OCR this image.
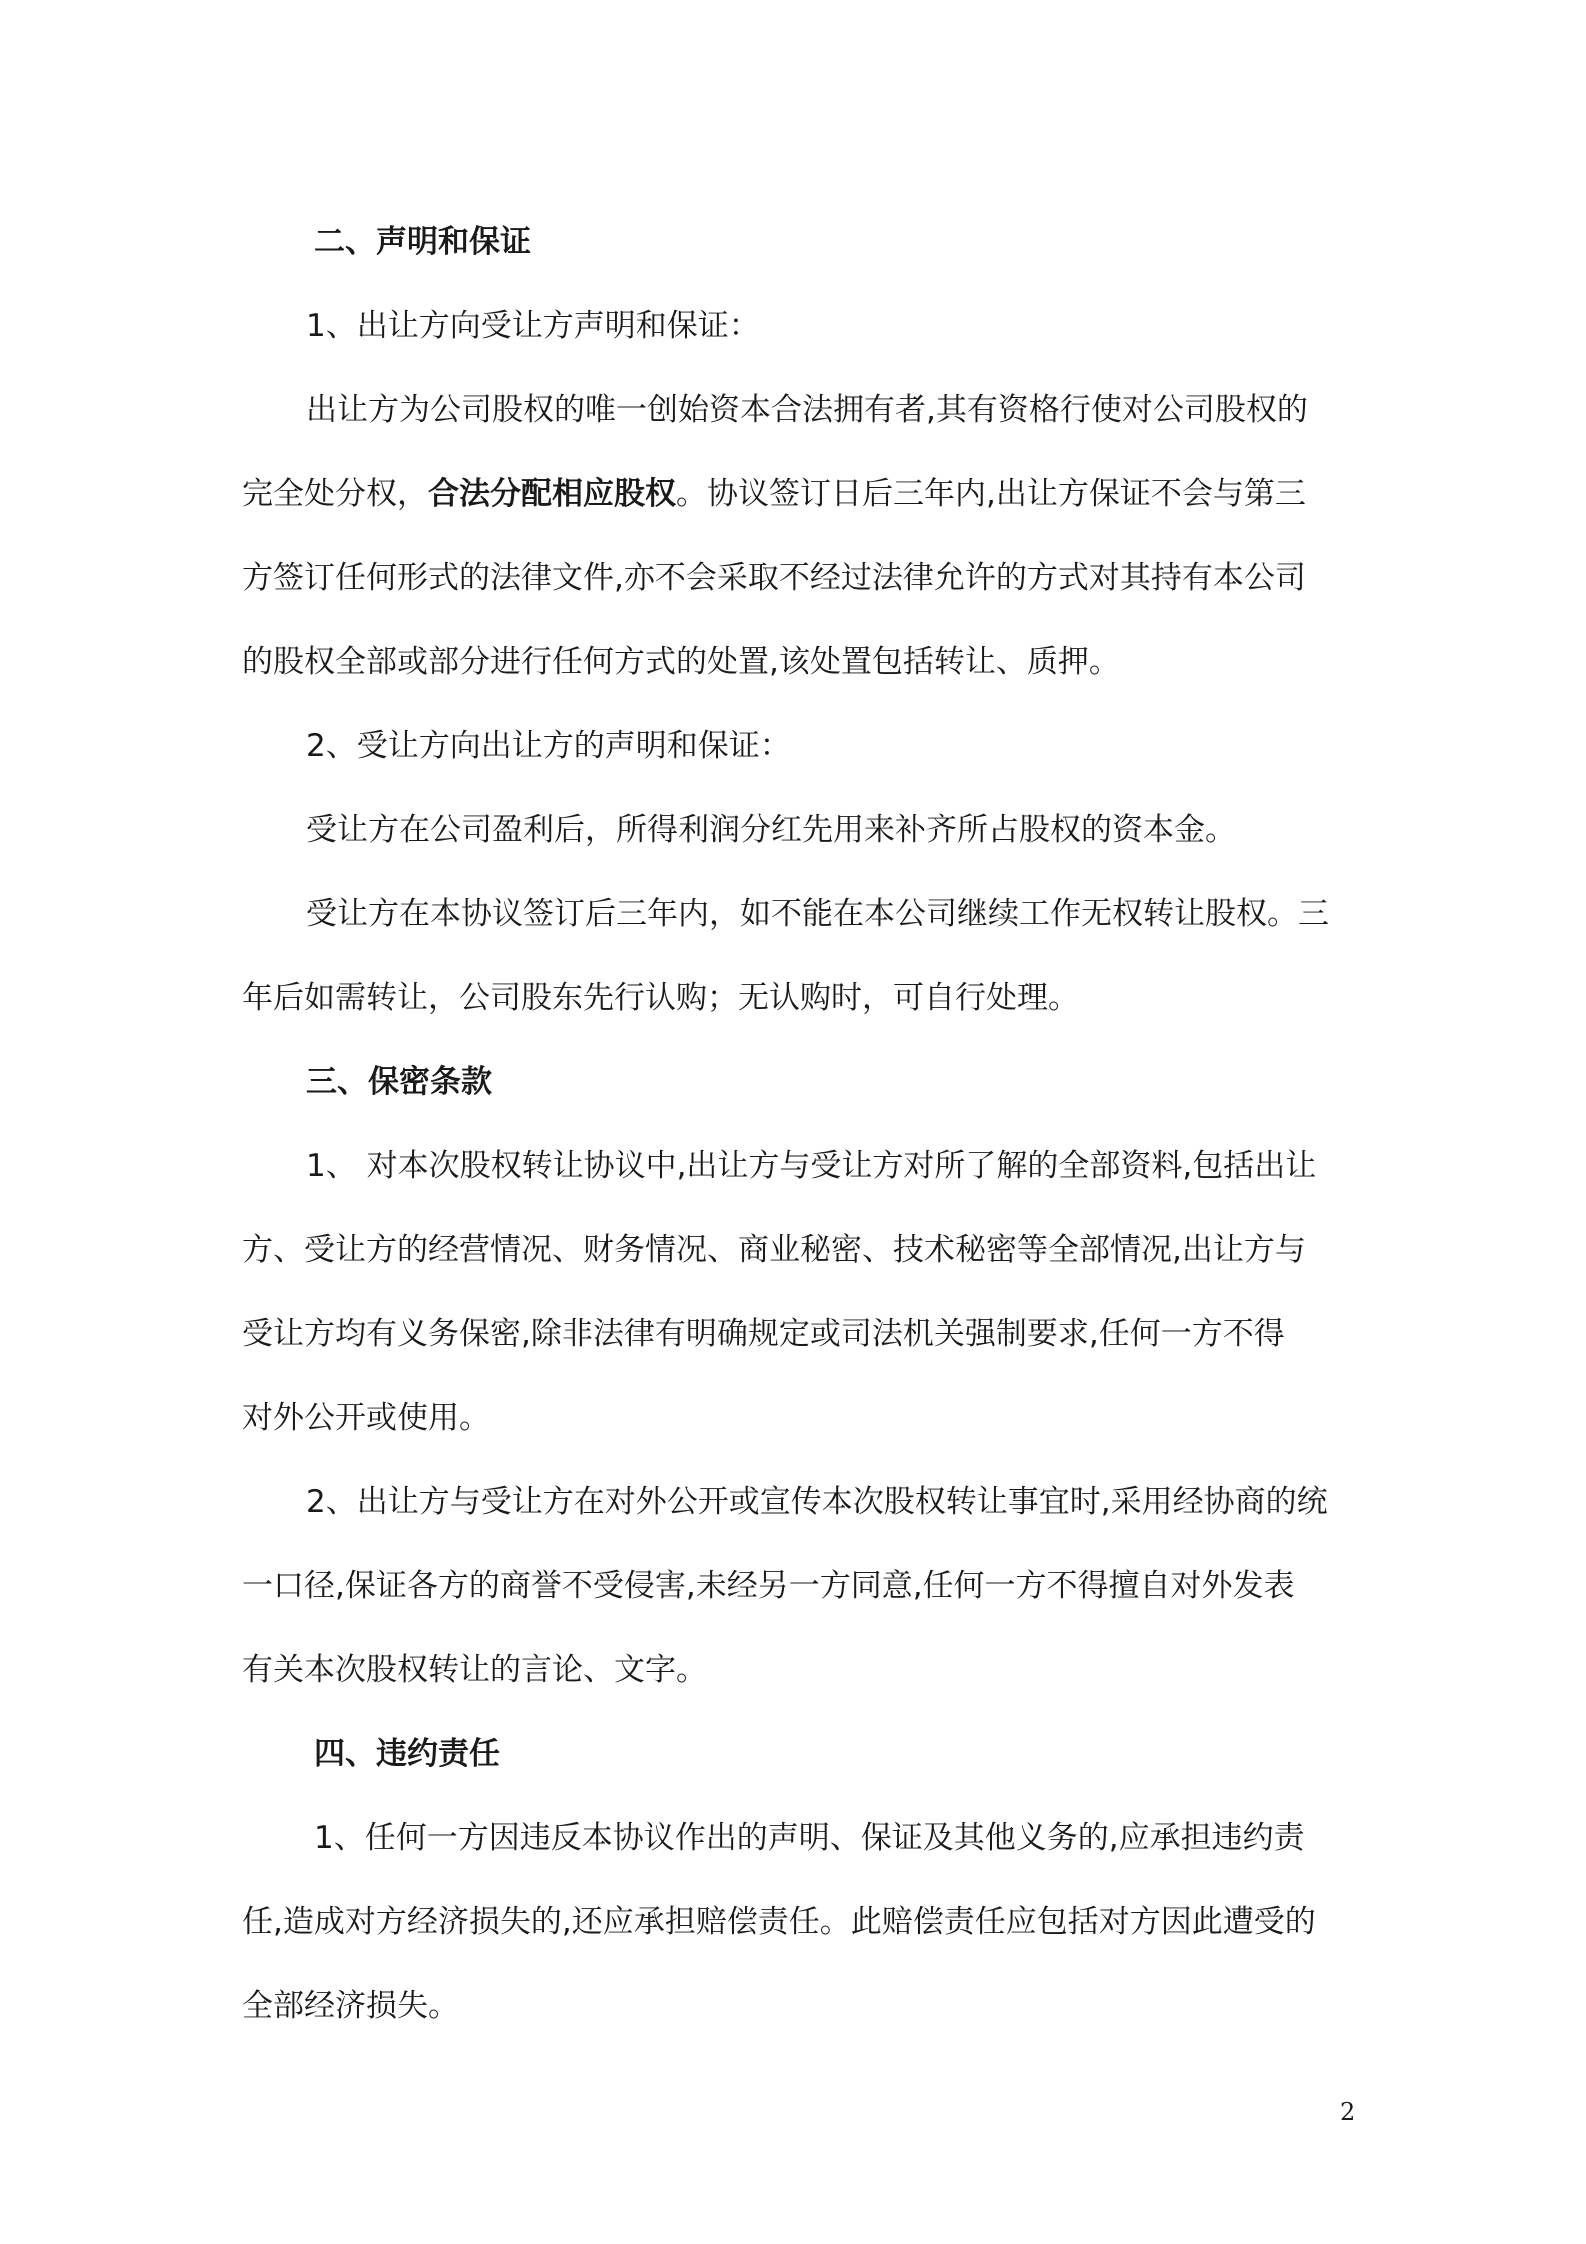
二、声明和保证
1、出让方向受让方声明和保证：
出让方为公司股权的唯一创始资本合法拥有者,其有资格行使对公司股权的
完全处分权，合法分配相应股权。协议签订日后三年内,出让方保证不会与第三
方签订任何形式的法律文件,亦不会采取不经过法律允许的方式对其持有本公司
的股权全部或部分进行任何方式的处置,该处置包括转让、质押。
2、受让方向出让方的声明和保证：
受让方在公司盈利后，所得利润分红先用来补齐所占股权的资本金。
受让方在本协议签订后三年内，如不能在本公司继续工作无权转让股权。三
年后如需转让，公司股东先行认购；无认购时，可自行处理。
三、保密条款
1、 对本次股权转让协议中,出让方与受让方对所了解的全部资料,包括出让
方、受让方的经营情况、财务情况、商业秘密、技术秘密等全部情况,出让方与
受让方均有义务保密,除非法律有明确规定或司法机关强制要求,任何一方不得
对外公开或使用。
2、出让方与受让方在对外公开或宣传本次股权转让事宜时,采用经协商的统
一口径,保证各方的商誉不受侵害,未经另一方同意,任何一方不得擅自对外发表
有关本次股权转让的言论、文字。
四、违约责任
1、任何一方因违反本协议作出的声明、保证及其他义务的,应承担违约责
任,造成对方经济损失的,还应承担赔偿责任。此赔偿责任应包括对方因此遭受的
全部经济损失。
2
